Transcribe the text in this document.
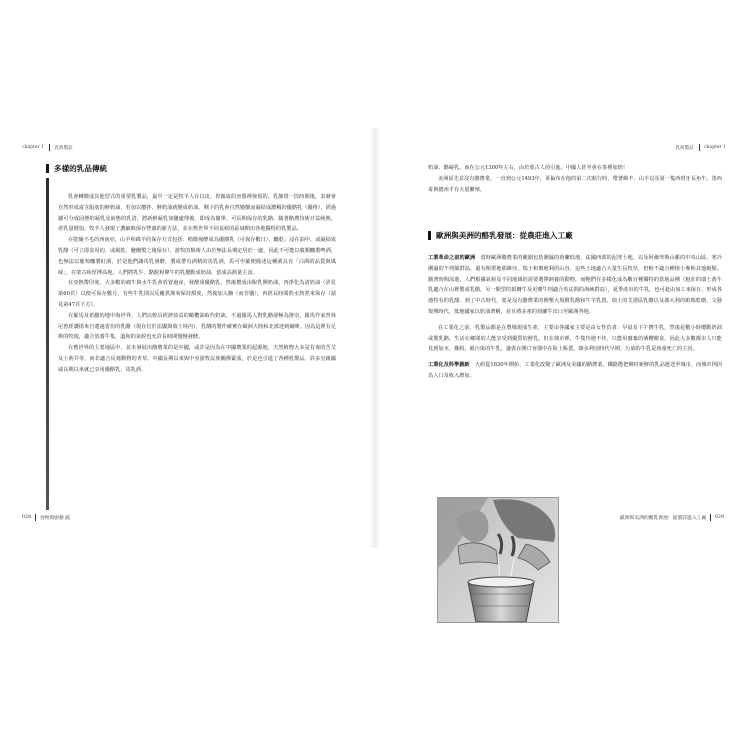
chapter 1 乳與製品
多樣的乳品傳統

乳會轉變成其他型式的重要乳製品，最早一定是牧羊人在以皮、胃做成的容器裡發現的。乳靜置一段時間後，表層會自然形成富含脂肪的鮮奶油，若加以攪拌，鮮奶油就變成奶油。剩下的乳會自然變酸而凝結成濃稠的優酪乳（優格），經過濾可分成固態的凝乳及液態的乳清，將新鮮凝乳加鹽處理後，即成為簡單、可長期保存的乳酪。隨著酪農技術日益純熟，產乳量增加，牧羊人發現了濃縮與保存營養的新方法，並在舊世界不同氣候的區域開出各地獨特的乳製品。

在乾燥不毛的西南亞，山羊和綿羊的保存方式包括：稍微發酵成為優酪乳（可保存數日）、曬乾、浸在油中，或凝結成乳酪（可立即食用的，或風乾、鹽醃製之後保存）。游牧的騎術人由於無法長期定居於一處，因此不可能以穀類釀製啤酒，也無法以葡萄釀製紅酒，於是他們讓馬乳發酵，製成帶有酒精的馬乳酒，馬可孛羅便描述這種酒具有「白酒的品質與風味」。在蒙古和厚博高地，人們將乳牛、駱駝和犛牛的乳攪動成奶油，當成高熱量主食。

在亞熱帶印度，大多數的瘤牛與水牛乳會放置過夜，發酵成優酪乳，然後攪成由脫乳開奶油，再淨化為清奶油（詳見第60頁）以便可保存數月。有些牛乳則以反覆煮沸來保持甜度，然後加入糖（而非鹽），再經長時間熬水熬煮來保存（請見第47頁下方）。

在羅馬及希臘的地中海世界，人們以較具經濟效益的橄欖油取代奶油，不過羅馬人對乳酪卻極為推崇。羅馬作家普林尼曾經讚揚來自遙遠省份的乳酪（現在位於法國與瑞士境內），乳酪的製作確實在歐洲大陸和北部達到巔峰。因為這裡有足夠的牧地，適合放養牛隻，溫和的氣候也允許長時間慢慢發酵。

在舊世界的主要地區中，並未發展出酪農業的是中國，或許是因為在中國農業的起源地，天然植物大多是有毒的苦艾及土荊芥等，而非適合反芻動物的青草。中國長期以來與中亞游牧民族關係緊張，於是也引進了各種乳製品，許多皇親國戚長期以來就已享用優酪乳、馬乳酒、

028 食物與廚藝 蔬
乳與製品 chapter 1

奶油、酪凝乳。而在公元1300年左右，由於蒙古人的引進，中國人甚至會在茶裡加奶！

美洲原先並沒有酪農業，一直到公元1493年，哥倫布在他的第二次航行時，帶著綿羊、山羊以及第一隻西班牙長角牛，墨西哥與德州才有大量繁殖。

歐洲與美洲的酪乳發展：從農莊進入工廠

工業革命之前的歐洲　 當時歐洲酪農業的範圍包括潮濕的荷蘭低地、法國西部的泥濘土地，以及阿爾卑斯山脈的中央山區，寒冷潮濕的不列顛群島，還有斯堪地那維亞、瑞士和奧地利的山谷，這些土地適合大量生長牧草，但較不適合種植小麥和其他穀類。隨著時間流逝，人們根據氣候及不同地域的需要選擇飼養的動物，而牠們在多樣化成為數百種獨特的當地品種（粗壯的瑞士黃牛乳適合在山裡製成乳酪，另一類型的娟姍牛及更賽牛則適合英法間的海峽群島），夏季產出的牛乳，也可趁由加工來保存，形成各地特有的乳酪。到了中古時代，要是沒有酪農業的開墾大規模乳酪和牛羊乳賣，瑞士的艾港區乳酪以及義大利的帕瑪乾酪，文藝復興時代，低地國家以奶油著稱，並且將多產的荷蘭牛出口至歐洲各地。

在工業化之前，乳製品都是在農場現成生產，主要由各國家主要是由女性負責：早晨及下午擠牛乳，然後花數小時攪動奶油或製乳酪。生活在鄉間的人能享受到優質的鮮乳，但在城市裡，牛隻待遇不佳，只能用廢棄的酒糟餵食，因此大多數都市人只能見到加水、摻假，被污染的牛乳，盛裝在開口容器中在街上販賣，雜多利亞時代早期，污染的牛乳是孩童死亡的主因。

工業化及科學創新　 大約從1830年開始，工業化改變了歐洲及美國的酪農業，鐵路能把鄉村新鮮的乳品運送至城市，而城市則因為人口及收入增加，

歐洲與美洲的酪乳發展：從農莊進入工廠 029
